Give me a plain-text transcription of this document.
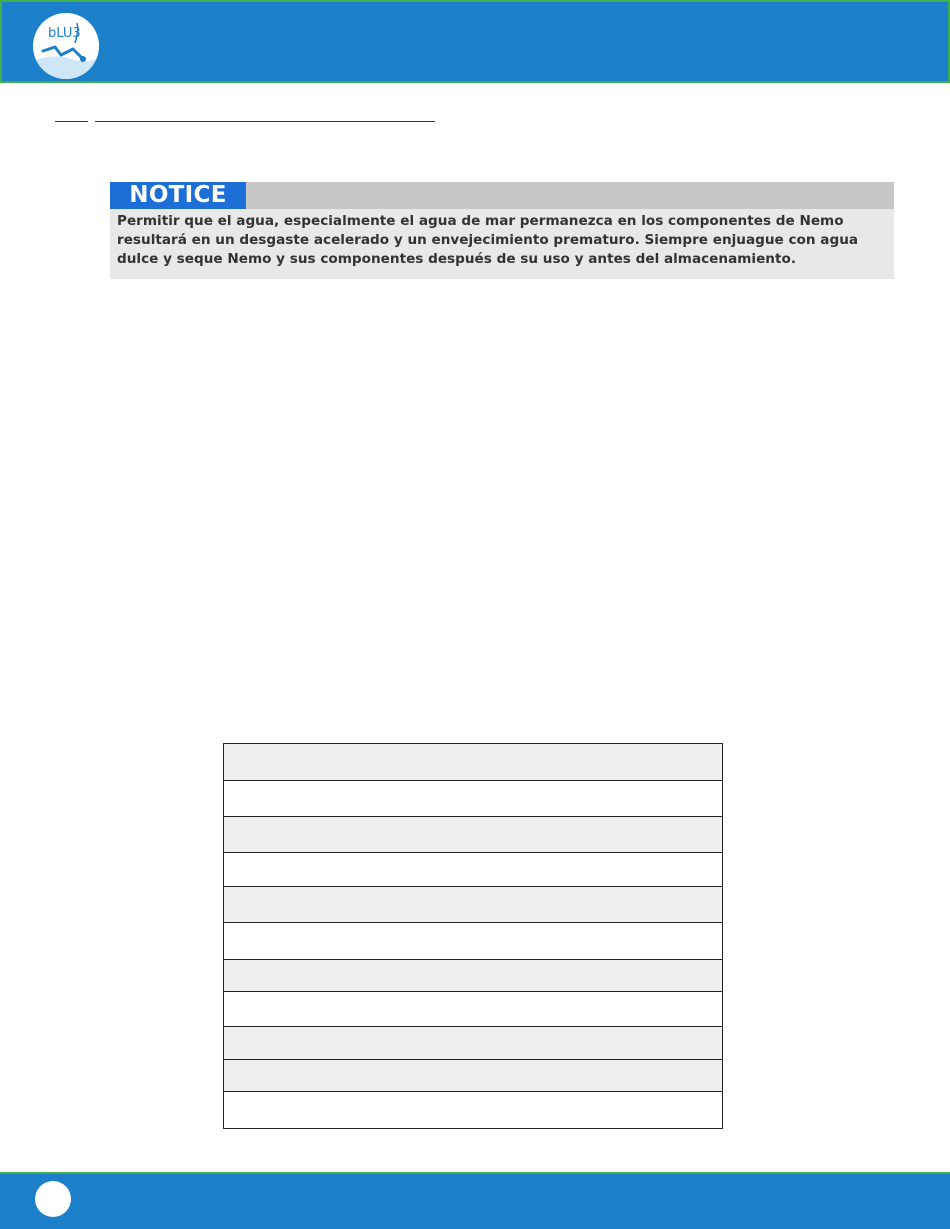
bLU3
NOTICE
Permitir que el agua, especialmente el agua de mar permanezca en los componentes de Nemo resultará en un desgaste acelerado y un envejecimiento prematuro. Siempre enjuague con agua dulce y seque Nemo y sus componentes después de su uso y antes del almacenamiento.
